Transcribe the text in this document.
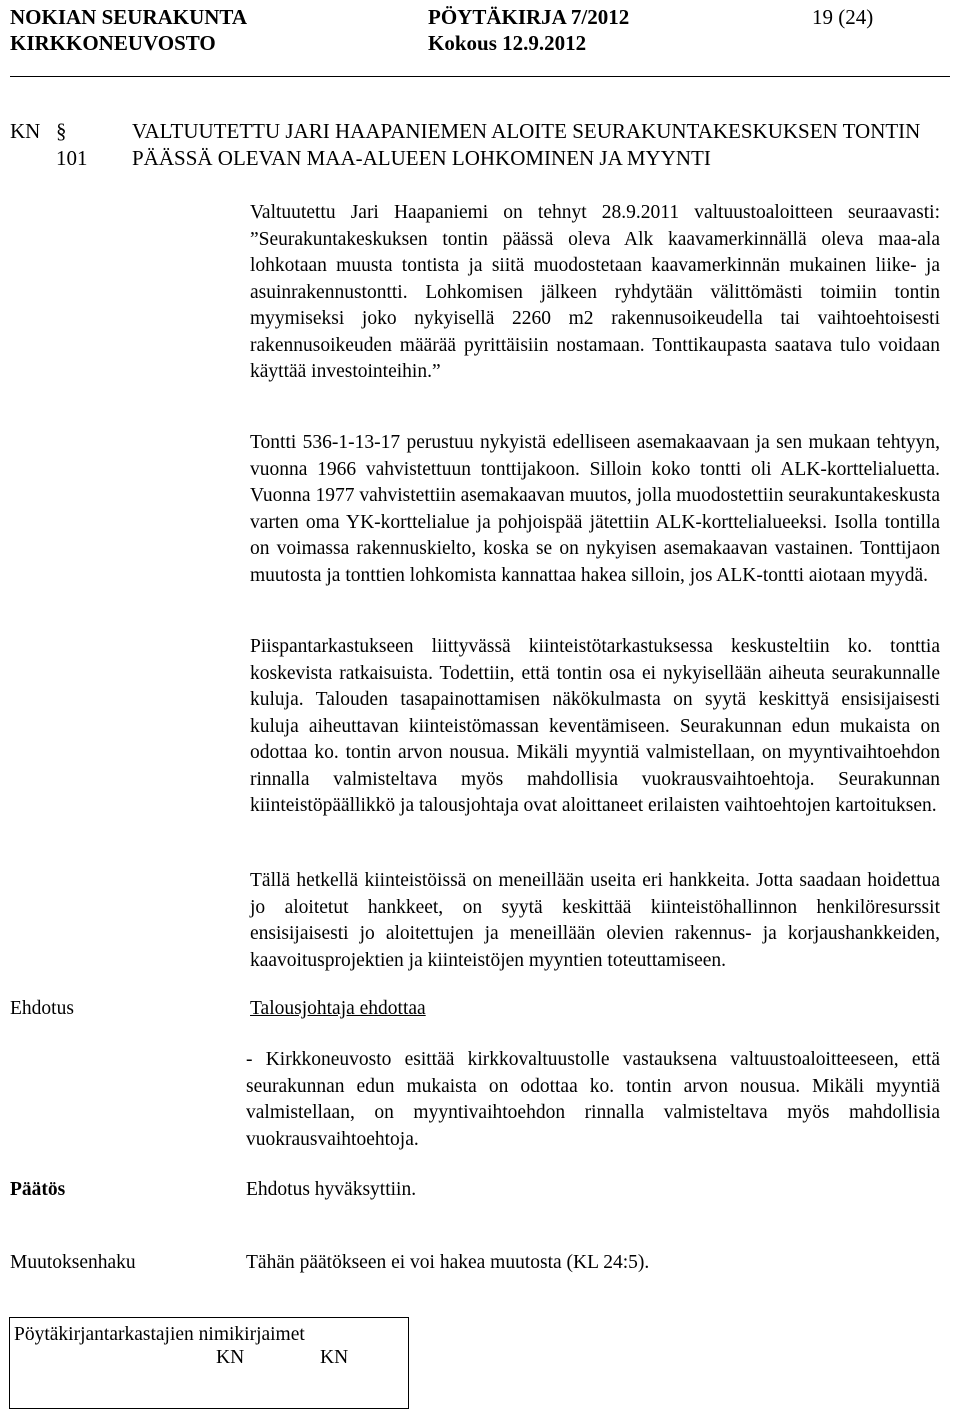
NOKIAN SEURAKUNTA
KIRKKONEUVOSTO
PÖYTÄKIRJA 7/2012
Kokous 12.9.2012
19 (24)
KN § 101
VALTUUTETTU JARI HAAPANIEMEN ALOITE SEURAKUNTAKESKUKSEN TONTIN PÄÄSSÄ OLEVAN MAA-ALUEEN LOHKOMINEN JA MYYNTI

Valtuutettu Jari Haapaniemi on tehnyt 28.9.2011 valtuustoaloitteen seuraavasti: ”Seurakuntakeskuksen tontin päässä oleva Alk kaavamerkinnällä oleva maa-ala lohkotaan muusta tontista ja siitä muodostetaan kaavamerkinnän mukainen liike- ja asuinrakennustontti. Lohkomisen jälkeen ryhdytään välittömästi toimiin tontin myymiseksi joko nykyisellä 2260 m2 rakennusoikeudella tai vaihtoehtoisesti rakennusoikeuden määrää pyrittäisiin nostamaan. Tonttikaupasta saatava tulo voidaan käyttää investointeihin.”

Tontti 536-1-13-17 perustuu nykyistä edelliseen asemakaavaan ja sen mukaan tehtyyn, vuonna 1966 vahvistettuun tonttijakoon. Silloin koko tontti oli ALK-korttelialuetta. Vuonna 1977 vahvistettiin asemakaavan muutos, jolla muodostettiin seurakuntakeskusta varten oma YK-korttelialue ja pohjoispää jätettiin ALK-korttelialueeksi. Isolla tontilla on voimassa rakennuskielto, koska se on nykyisen asemakaavan vastainen. Tonttijaon muutosta ja tonttien lohkomista kannattaa hakea silloin, jos ALK-tontti aiotaan myydä.

Piispantarkastukseen liittyvässä kiinteistötarkastuksessa keskusteltiin ko. tonttia koskevista ratkaisuista. Todettiin, että tontin osa ei nykyisellään aiheuta seurakunnalle kuluja. Talouden tasapainottamisen näkökulmasta on syytä keskittyä ensisijaisesti kuluja aiheuttavan kiinteistömassan keventämiseen. Seurakunnan edun mukaista on odottaa ko. tontin arvon nousua. Mikäli myyntiä valmistellaan, on myyntivaihtoehdon rinnalla valmisteltava myös mahdollisia vuokrausvaihtoehtoja. Seurakunnan kiinteistöpäällikkö ja talousjohtaja ovat aloittaneet erilaisten vaihtoehtojen kartoituksen.

Tällä hetkellä kiinteistöissä on meneillään useita eri hankkeita. Jotta saadaan hoidettua jo aloitetut hankkeet, on syytä keskittää kiinteistöhallinnon henkilöresurssit ensisijaisesti jo aloitettujen ja meneillään olevien rakennus- ja korjaushankkeiden, kaavoitusprojektien ja kiinteistöjen myyntien toteuttamiseen.

Ehdotus	Talousjohtaja ehdottaa
- Kirkkoneuvosto esittää kirkkovaltuustolle vastauksena valtuustoaloitteeseen, että seurakunnan edun mukaista on odottaa ko. tontin arvon nousua. Mikäli myyntiä valmistellaan, on myyntivaihtoehdon rinnalla valmisteltava myös mahdollisia vuokrausvaihtoehtoja.
Päätös	Ehdotus hyväksyttiin.
Muutoksenhaku	Tähän päätökseen ei voi hakea muutosta (KL 24:5).
Pöytäkirjantarkastajien nimikirjaimet
KN	KN
